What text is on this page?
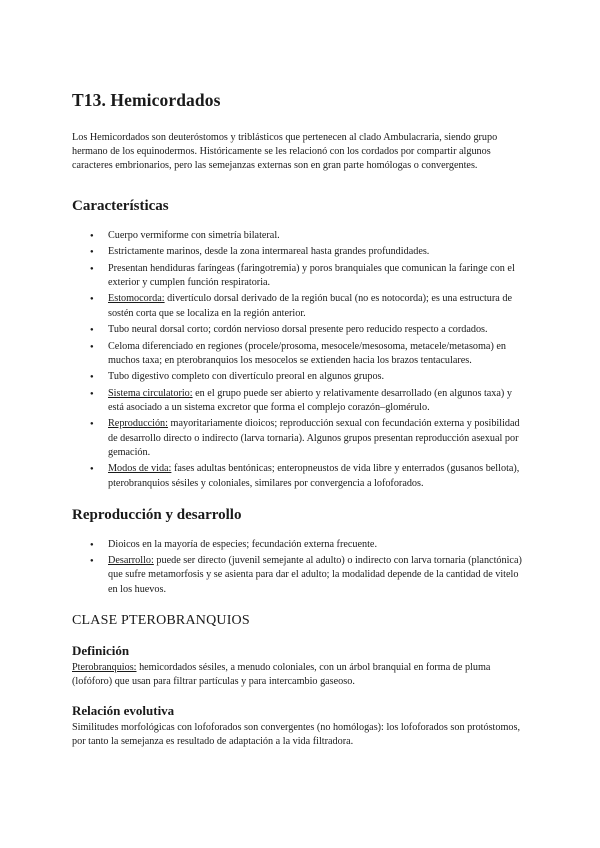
T13. Hemicordados

Los Hemicordados son deuteróstomos y triblásticos que pertenecen al clado Ambulacraria, siendo grupo hermano de los equinodermos. Históricamente se les relacionó con los cordados por compartir algunos caracteres embrionarios, pero las semejanzas externas son en gran parte homólogas o convergentes.

Características
● Cuerpo vermiforme con simetría bilateral.
● Estrictamente marinos, desde la zona intermareal hasta grandes profundidades.
● Presentan hendiduras faríngeas (faringotremia) y poros branquiales que comunican la faringe con el exterior y cumplen función respiratoria.
● Estomocorda: divertículo dorsal derivado de la región bucal (no es notocorda); es una estructura de sostén corta que se localiza en la región anterior.
● Tubo neural dorsal corto; cordón nervioso dorsal presente pero reducido respecto a cordados.
● Celoma diferenciado en regiones (procele/prosoma, mesocele/mesosoma, metacele/metasoma) en muchos taxa; en pterobranquios los mesocelos se extienden hacia los brazos tentaculares.
● Tubo digestivo completo con divertículo preoral en algunos grupos.
● Sistema circulatorio: en el grupo puede ser abierto y relativamente desarrollado (en algunos taxa) y está asociado a un sistema excretor que forma el complejo corazón–glomérulo.
● Reproducción: mayoritariamente dioicos; reproducción sexual con fecundación externa y posibilidad de desarrollo directo o indirecto (larva tornaria). Algunos grupos presentan reproducción asexual por gemación.
● Modos de vida: fases adultas bentónicas; enteropneustos de vida libre y enterrados (gusanos bellota), pterobranquios sésiles y coloniales, similares por convergencia a lofoforados.
Reproducción y desarrollo
● Dioicos en la mayoría de especies; fecundación externa frecuente.
● Desarrollo: puede ser directo (juvenil semejante al adulto) o indirecto con larva tornaria (planctónica) que sufre metamorfosis y se asienta para dar el adulto; la modalidad depende de la cantidad de vitelo en los huevos.
CLASE PTEROBRANQUIOS
Definición

Pterobranquios: hemicordados sésiles, a menudo coloniales, con un árbol branquial en forma de pluma (lofóforo) que usan para filtrar partículas y para intercambio gaseoso.

Relación evolutiva

Similitudes morfológicas con lofoforados son convergentes (no homólogas): los lofoforados son protóstomos, por tanto la semejanza es resultado de adaptación a la vida filtradora.
